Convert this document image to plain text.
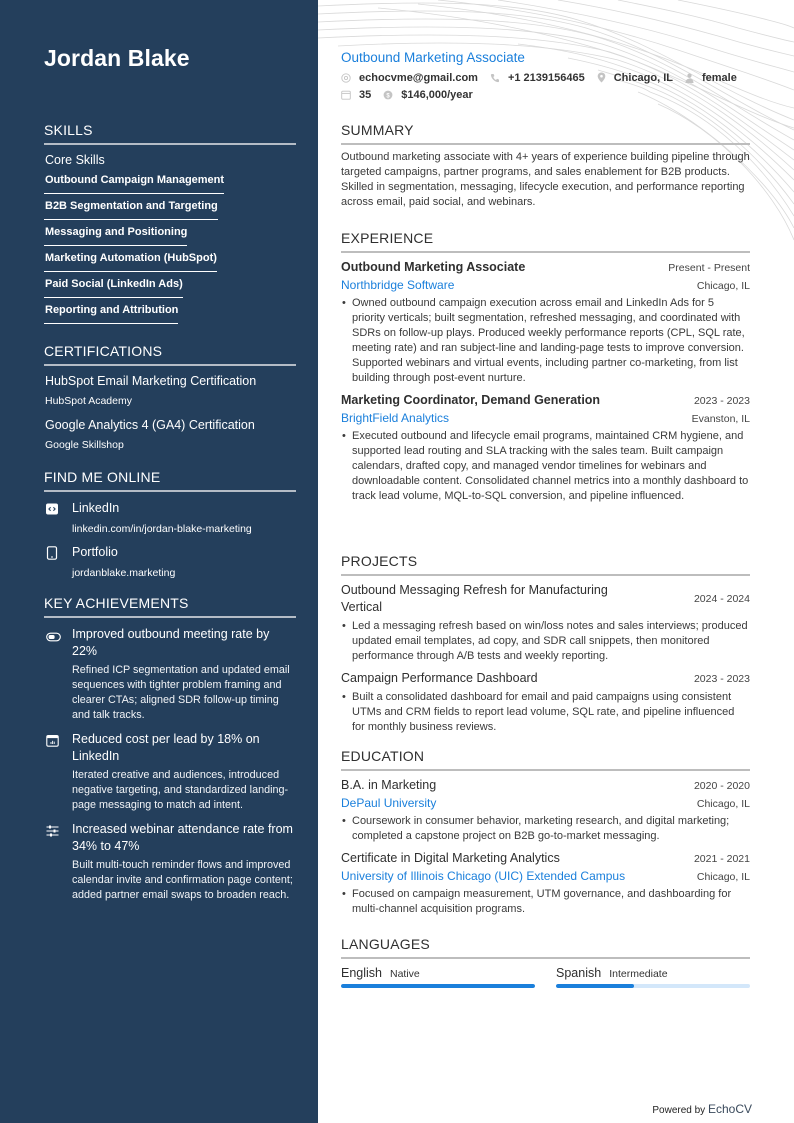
Jordan Blake
SKILLS
Core Skills
Outbound Campaign Management
B2B Segmentation and Targeting
Messaging and Positioning
Marketing Automation (HubSpot)
Paid Social (LinkedIn Ads)
Reporting and Attribution
CERTIFICATIONS
HubSpot Email Marketing Certification
HubSpot Academy
Google Analytics 4 (GA4) Certification
Google Skillshop
FIND ME ONLINE
LinkedIn
linkedin.com/in/jordan-blake-marketing
Portfolio
jordanblake.marketing
KEY ACHIEVEMENTS
Improved outbound meeting rate by 22%
Refined ICP segmentation and updated email sequences with tighter problem framing and clearer CTAs; aligned SDR follow-up timing and talk tracks.
Reduced cost per lead by 18% on LinkedIn
Iterated creative and audiences, introduced negative targeting, and standardized landing-page messaging to match ad intent.
Increased webinar attendance rate from 34% to 47%
Built multi-touch reminder flows and improved calendar invite and confirmation page content; added partner email swaps to broaden reach.
Outbound Marketing Associate
echocvme@gmail.com	+1 2139156465	Chicago, IL	female
35	$ $146,000/year
SUMMARY
Outbound marketing associate with 4+ years of experience building pipeline through targeted campaigns, partner programs, and sales enablement for B2B products. Skilled in segmentation, messaging, lifecycle execution, and performance reporting across email, paid social, and webinars.
EXPERIENCE
Outbound Marketing Associate	Present - Present
Northbridge Software	Chicago, IL
• Owned outbound campaign execution across email and LinkedIn Ads for 5 priority verticals; built segmentation, refreshed messaging, and coordinated with SDRs on follow-up plays. Produced weekly performance reports (CPL, SQL rate, meeting rate) and ran subject-line and landing-page tests to improve conversion. Supported webinars and virtual events, including partner co-marketing, from list building through post-event nurture.
Marketing Coordinator, Demand Generation	2023 - 2023
BrightField Analytics	Evanston, IL
• Executed outbound and lifecycle email programs, maintained CRM hygiene, and supported lead routing and SLA tracking with the sales team. Built campaign calendars, drafted copy, and managed vendor timelines for webinars and downloadable content. Consolidated channel metrics into a monthly dashboard to track lead volume, MQL-to-SQL conversion, and pipeline influenced.
PROJECTS
Outbound Messaging Refresh for Manufacturing Vertical
2024 - 2024
• Led a messaging refresh based on win/loss notes and sales interviews; produced updated email templates, ad copy, and SDR call snippets, then monitored performance through A/B tests and weekly reporting.
Campaign Performance Dashboard	2023 - 2023
• Built a consolidated dashboard for email and paid campaigns using consistent UTMs and CRM fields to report lead volume, SQL rate, and pipeline influenced for monthly business reviews.
EDUCATION
B.A. in Marketing	2020 - 2020
DePaul University	Chicago, IL
• Coursework in consumer behavior, marketing research, and digital marketing; completed a capstone project on B2B go-to-market messaging.
Certificate in Digital Marketing Analytics	2021 - 2021
University of Illinois Chicago (UIC) Extended Campus	Chicago, IL
• Focused on campaign measurement, UTM governance, and dashboarding for multi-channel acquisition programs.
LANGUAGES
English Native	Spanish Intermediate
Powered by EchoCV
